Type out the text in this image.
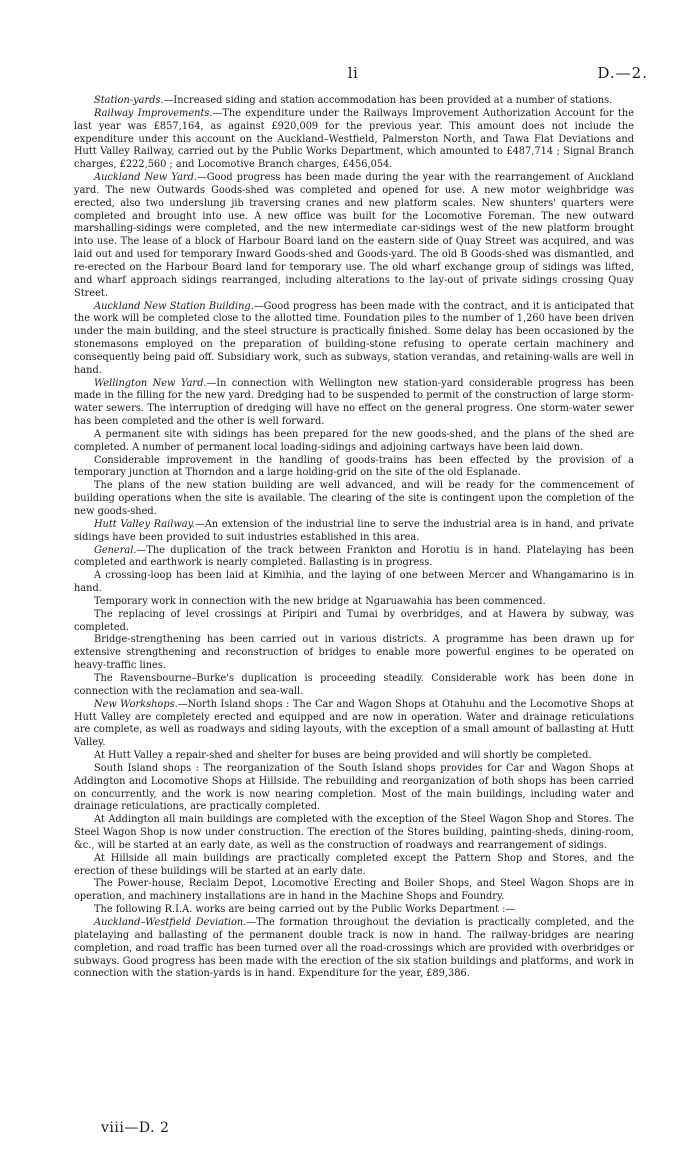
li	D.—2.

Station-yards.—Increased siding and station accommodation has been provided at a number of stations.

Railway Improvements.—The expenditure under the Railways Improvement Authorization Account for the last year was £857,164, as against £920,009 for the previous year. This amount does not include the expenditure under this account on the Auckland–Westfield, Palmerston North, and Tawa Flat Deviations and Hutt Valley Railway, carried out by the Public Works Department, which amounted to £487,714 ; Signal Branch charges, £222,560 ; and Locomotive Branch charges, £456,054.

Auckland New Yard.—Good progress has been made during the year with the rearrangement of Auckland yard. The new Outwards Goods-shed was completed and opened for use. A new motor weighbridge was erected, also two underslung jib traversing cranes and new platform scales. New shunters' quarters were completed and brought into use. A new office was built for the Locomotive Foreman. The new outward marshalling-sidings were completed, and the new intermediate car-sidings west of the new platform brought into use. The lease of a block of Harbour Board land on the eastern side of Quay Street was acquired, and was laid out and used for temporary Inward Goods-shed and Goods-yard. The old B Goods-shed was dismantled, and re-erected on the Harbour Board land for temporary use. The old wharf exchange group of sidings was lifted, and wharf approach sidings rearranged, including alterations to the lay-out of private sidings crossing Quay Street.

Auckland New Station Building.—Good progress has been made with the contract, and it is anticipated that the work will be completed close to the allotted time. Foundation piles to the number of 1,260 have been driven under the main building, and the steel structure is practically finished. Some delay has been occasioned by the stonemasons employed on the preparation of building-stone refusing to operate certain machinery and consequently being paid off. Subsidiary work, such as subways, station verandas, and retaining-walls are well in hand.

Wellington New Yard.—In connection with Wellington new station-yard considerable progress has been made in the filling for the new yard. Dredging had to be suspended to permit of the construction of large storm-water sewers. The interruption of dredging will have no effect on the general progress. One storm-water sewer has been completed and the other is well forward.

A permanent site with sidings has been prepared for the new goods-shed, and the plans of the shed are completed. A number of permanent local loading-sidings and adjoining cartways have been laid down.

Considerable improvement in the handling of goods-trains has been effected by the provision of a temporary junction at Thorndon and a large holding-grid on the site of the old Esplanade.

The plans of the new station building are well advanced, and will be ready for the commencement of building operations when the site is available. The clearing of the site is contingent upon the completion of the new goods-shed.

Hutt Valley Railway.—An extension of the industrial line to serve the industrial area is in hand, and private sidings have been provided to suit industries established in this area.

General.—The duplication of the track between Frankton and Horotiu is in hand. Platelaying has been completed and earthwork is nearly completed. Ballasting is in progress.

A crossing-loop has been laid at Kimihia, and the laying of one between Mercer and Whangamarino is in hand.

Temporary work in connection with the new bridge at Ngaruawahia has been commenced.

The replacing of level crossings at Piripiri and Tumai by overbridges, and at Hawera by subway, was completed.

Bridge-strengthening has been carried out in various districts. A programme has been drawn up for extensive strengthening and reconstruction of bridges to enable more powerful engines to be operated on heavy-traffic lines.

The Ravensbourne–Burke's duplication is proceeding steadily. Considerable work has been done in connection with the reclamation and sea-wall.

New Workshops.—North Island shops : The Car and Wagon Shops at Otahuhu and the Locomotive Shops at Hutt Valley are completely erected and equipped and are now in operation. Water and drainage reticulations are complete, as well as roadways and siding layouts, with the exception of a small amount of ballasting at Hutt Valley.

At Hutt Valley a repair-shed and shelter for buses are being provided and will shortly be completed.

South Island shops : The reorganization of the South Island shops provides for Car and Wagon Shops at Addington and Locomotive Shops at Hillside. The rebuilding and reorganization of both shops has been carried on concurrently, and the work is now nearing completion. Most of the main buildings, including water and drainage reticulations, are practically completed.

At Addington all main buildings are completed with the exception of the Steel Wagon Shop and Stores. The Steel Wagon Shop is now under construction. The erection of the Stores building, painting-sheds, dining-room, &c., will be started at an early date, as well as the construction of roadways and rearrangement of sidings.

At Hillside all main buildings are practically completed except the Pattern Shop and Stores, and the erection of these buildings will be started at an early date.

The Power-house, Reclaim Depot, Locomotive Erecting and Boiler Shops, and Steel Wagon Shops are in operation, and machinery installations are in hand in the Machine Shops and Foundry.

The following R.I.A. works are being carried out by the Public Works Department :—

Auckland–Westfield Deviation.—The formation throughout the deviation is practically completed, and the platelaying and ballasting of the permanent double track is now in hand. The railway-bridges are nearing completion, and road traffic has been turned over all the road-crossings which are provided with overbridges or subways. Good progress has been made with the erection of the six station buildings and platforms, and work in connection with the station-yards is in hand. Expenditure for the year, £89,386.

viii—D. 2
